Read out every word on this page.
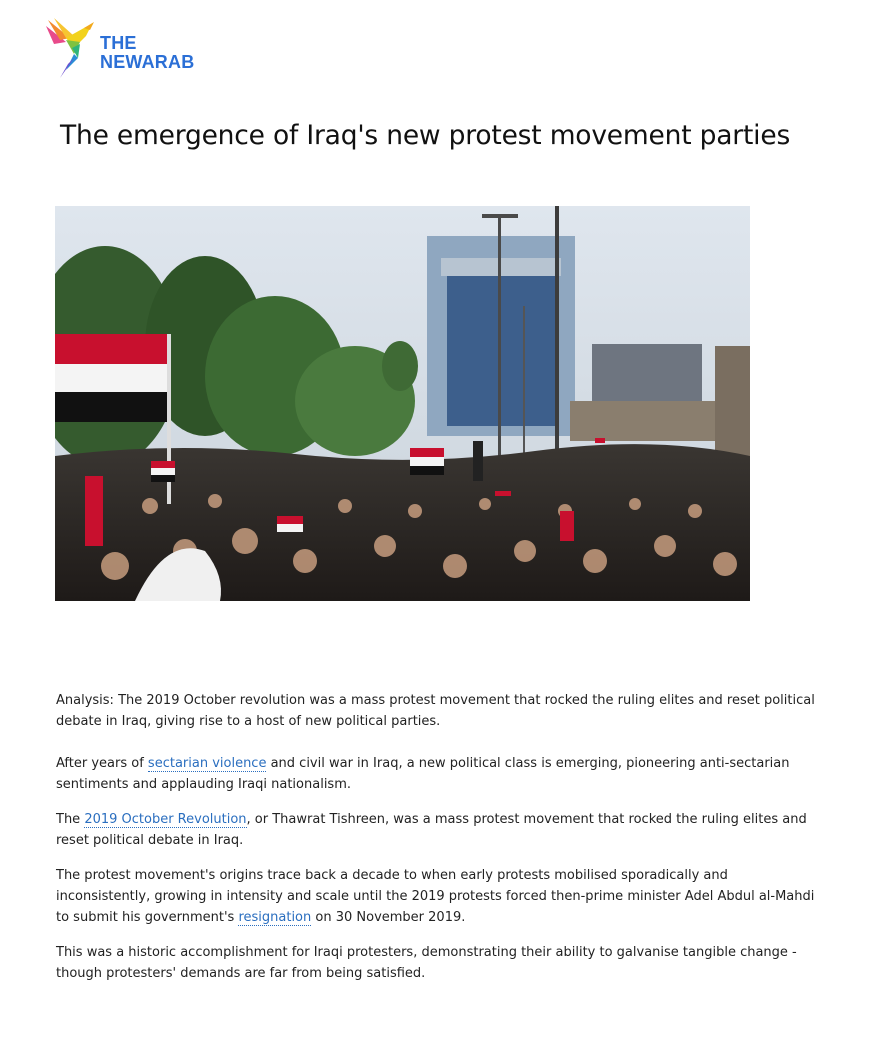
THE
NEWARAB
The emergence of Iraq's new protest movement parties

Analysis: The 2019 October revolution was a mass protest movement that rocked the ruling elites and reset political debate in Iraq, giving rise to a host of new political parties.

After years of sectarian violence and civil war in Iraq, a new political class is emerging, pioneering anti-sectarian sentiments and applauding Iraqi nationalism.

The 2019 October Revolution, or Thawrat Tishreen, was a mass protest movement that rocked the ruling elites and reset political debate in Iraq.

The protest movement's origins trace back a decade to when early protests mobilised sporadically and inconsistently, growing in intensity and scale until the 2019 protests forced then-prime minister Adel Abdul al-Mahdi to submit his government's resignation on 30 November 2019.

This was a historic accomplishment for Iraqi protesters, demonstrating their ability to galvanise tangible change - though protesters' demands are far from being satisfied.
